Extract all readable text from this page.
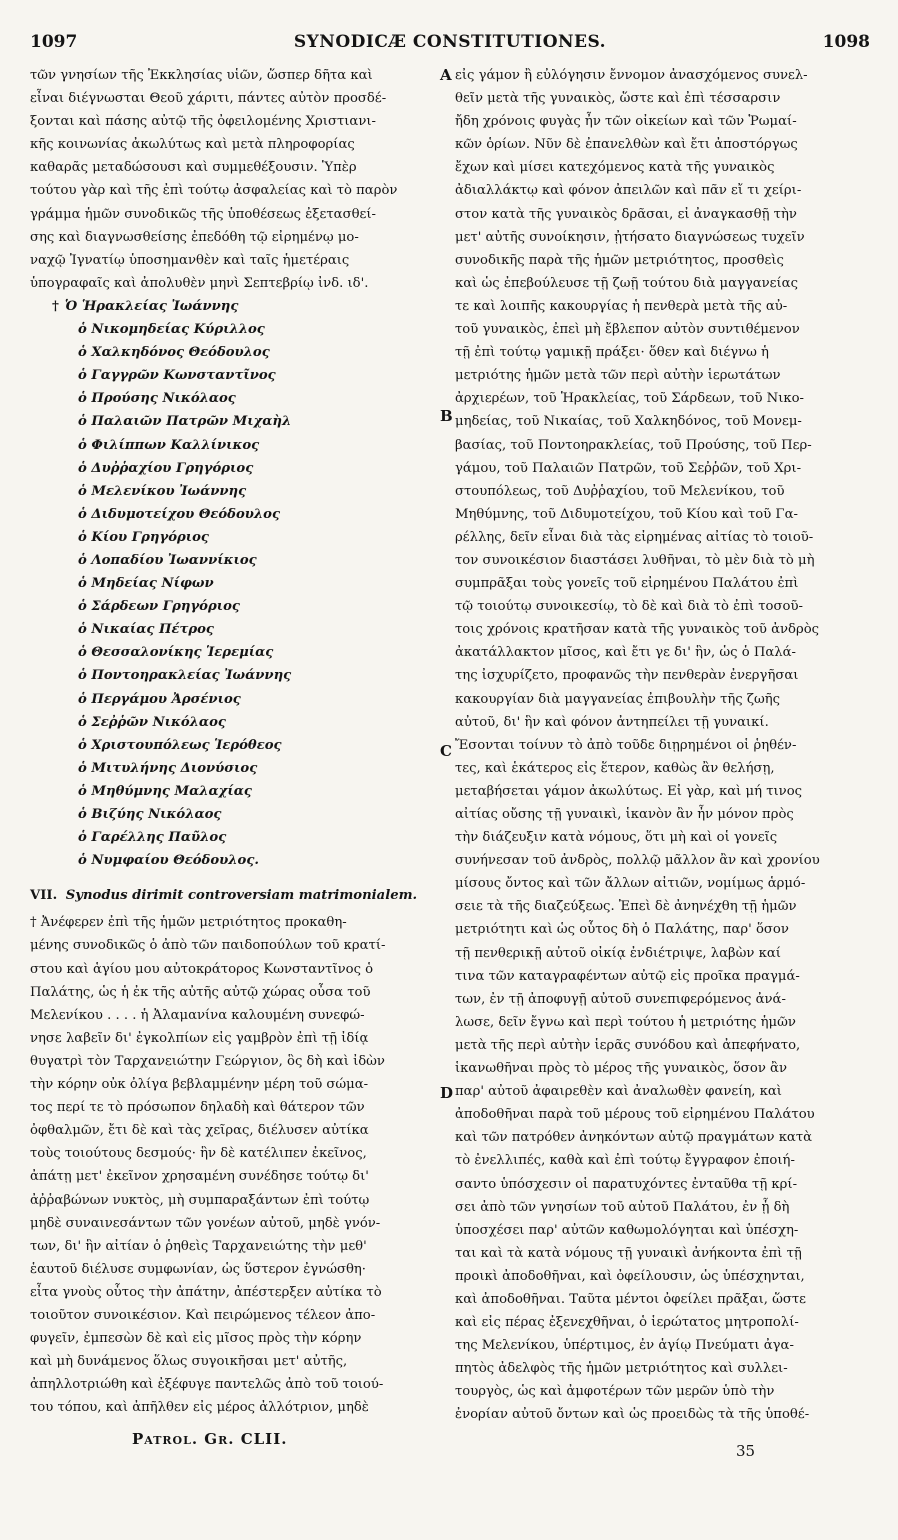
1097	SYNODICÆ CONSTITUTIONES.	1098

τῶν γνησίων τῆς Ἐκκλησίας υἱῶν, ὥσπερ δῆτα καὶ

εἶναι διέγνωσται Θεοῦ χάριτι, πάντες αὐτὸν προσδέ-

ξονται καὶ πάσης αὐτῷ τῆς ὀφειλομένης Χριστιανι-

κῆς κοινωνίας ἀκωλύτως καὶ μετὰ πληροφορίας

καθαρᾶς μεταδώσουσι καὶ συμμεθέξουσιν. Ὑπὲρ

τούτου γὰρ καὶ τῆς ἐπὶ τούτῳ ἀσφαλείας καὶ τὸ παρὸν

γράμμα ἡμῶν συνοδικῶς τῆς ὑποθέσεως ἐξετασθεί-

σης καὶ διαγνωσθείσης ἐπεδόθη τῷ εἰρημένῳ μο-

ναχῷ Ἰγνατίῳ ὑποσημανθὲν καὶ ταῖς ἡμετέραις

ὑπογραφαῖς καὶ ἀπολυθὲν μηνὶ Σεπτεβρίῳ ἰνδ. ιδ'.

† Ὁ Ἡρακλείας Ἰωάννης
ὁ Νικομηδείας Κύριλλος
ὁ Χαλκηδόνος Θεόδουλος
ὁ Γαγγρῶν Κωνσταντῖνος
ὁ Προύσης Νικόλαος
ὁ Παλαιῶν Πατρῶν Μιχαὴλ
ὁ Φιλίππων Καλλίνικος
ὁ Δυῤῥαχίου Γρηγόριος
ὁ Μελενίκου Ἰωάννης
ὁ Διδυμοτείχου Θεόδουλος
ὁ Κίου Γρηγόριος
ὁ Λοπαδίου Ἰωαννίκιος
ὁ Μηδείας Νίφων
ὁ Σάρδεων Γρηγόριος
ὁ Νικαίας Πέτρος
ὁ Θεσσαλονίκης Ἱερεμίας
ὁ Ποντοηρακλείας Ἰωάννης
ὁ Περγάμου Ἀρσένιος
ὁ Σεῤῥῶν Νικόλαος
ὁ Χριστουπόλεως Ἱερόθεος
ὁ Μιτυλήνης Διονύσιος
ὁ Μηθύμνης Μαλαχίας
ὁ Βιζύης Νικόλαος
ὁ Γαρέλλης Παῦλος
ὁ Νυμφαίου Θεόδουλος.

VII. Synodus dirimit controversiam matrimonialem.

† Ἀνέφερεν ἐπὶ τῆς ἡμῶν μετριότητος προκαθη-

μένης συνοδικῶς ὁ ἀπὸ τῶν παιδοπούλων τοῦ κρατί-

στου καὶ ἁγίου μου αὐτοκράτορος Κωνσταντῖνος ὁ

Παλάτης, ὡς ἡ ἐκ τῆς αὐτῆς αὐτῷ χώρας οὖσα τοῦ

Μελενίκου . . . . ἡ Ἀλαμανίνα καλουμένη συνεφώ-

νησε λαβεῖν δι' ἐγκολπίων εἰς γαμβρὸν ἐπὶ τῇ ἰδίᾳ

θυγατρὶ τὸν Ταρχανειώτην Γεώργιον, ὃς δὴ καὶ ἰδὼν

τὴν κόρην οὐκ ὀλίγα βεβλαμμένην μέρη τοῦ σώμα-

τος περί τε τὸ πρόσωπον δηλαδὴ καὶ θάτερον τῶν

ὀφθαλμῶν, ἔτι δὲ καὶ τὰς χεῖρας, διέλυσεν αὐτίκα

τοὺς τοιούτους δεσμούς· ἣν δὲ κατέλιπεν ἐκεῖνος,

ἀπάτῃ μετ' ἐκεῖνον χρησαμένη συνέδησε τούτῳ δι'

ἀῤῥαβώνων νυκτὸς, μὴ συμπαραξάντων ἐπὶ τούτῳ

μηδὲ συναινεσάντων τῶν γονέων αὐτοῦ, μηδὲ γνόν-

των, δι' ἣν αἰτίαν ὁ ῥηθεὶς Ταρχανειώτης τὴν μεθ'

ἑαυτοῦ διέλυσε συμφωνίαν, ὡς ὕστερον ἐγνώσθη·

εἶτα γνοὺς οὗτος τὴν ἀπάτην, ἀπέστερξεν αὐτίκα τὸ

τοιοῦτον συνοικέσιον. Καὶ πειρώμενος τέλεον ἀπο-

φυγεῖν, ἐμπεσὼν δὲ καὶ εἰς μῖσος πρὸς τὴν κόρην

καὶ μὴ δυνάμενος ὅλως συγοικῆσαι μετ' αὐτῆς,

ἀπηλλοτριώθη καὶ ἐξέφυγε παντελῶς ἀπὸ τοῦ τοιού-

του τόπου, καὶ ἀπῆλθεν εἰς μέρος ἀλλότριον, μηδὲ

A
B
C
D

εἰς γάμον ἢ εὐλόγησιν ἔννομον ἀνασχόμενος συνελ-

θεῖν μετὰ τῆς γυναικὸς, ὥστε καὶ ἐπὶ τέσσαρσιν

ἤδη χρόνοις φυγὰς ἦν τῶν οἰκείων καὶ τῶν Ῥωμαί-

κῶν ὁρίων. Νῦν δὲ ἐπανελθὼν καὶ ἔτι ἀποστόργως

ἔχων καὶ μίσει κατεχόμενος κατὰ τῆς γυναικὸς

ἀδιαλλάκτῳ καὶ φόνον ἀπειλῶν καὶ πᾶν εἴ τι χείρι-

στον κατὰ τῆς γυναικὸς δρᾶσαι, εἰ ἀναγκασθῇ τὴν

μετ' αὐτῆς συνοίκησιν, ᾐτήσατο διαγνώσεως τυχεῖν

συνοδικῆς παρὰ τῆς ἡμῶν μετριότητος, προσθεὶς

καὶ ὡς ἐπεβούλευσε τῇ ζωῇ τούτου διὰ μαγγανείας

τε καὶ λοιπῆς κακουργίας ἡ πενθερὰ μετὰ τῆς αὐ-

τοῦ γυναικὸς, ἐπεὶ μὴ ἔβλεπον αὐτὸν συντιθέμενον

τῇ ἐπὶ τούτῳ γαμικῇ πράξει· ὅθεν καὶ διέγνω ἡ

μετριότης ἡμῶν μετὰ τῶν περὶ αὐτὴν ἱερωτάτων

ἀρχιερέων, τοῦ Ἡρακλείας, τοῦ Σάρδεων, τοῦ Νικο-

μηδείας, τοῦ Νικαίας, τοῦ Χαλκηδόνος, τοῦ Μονεμ-

βασίας, τοῦ Ποντοηρακλείας, τοῦ Προύσης, τοῦ Περ-

γάμου, τοῦ Παλαιῶν Πατρῶν, τοῦ Σεῤῥῶν, τοῦ Χρι-

στουπόλεως, τοῦ Δυῤῥαχίου, τοῦ Μελενίκου, τοῦ

Μηθύμνης, τοῦ Διδυμοτείχου, τοῦ Κίου καὶ τοῦ Γα-

ρέλλης, δεῖν εἶναι διὰ τὰς εἰρημένας αἰτίας τὸ τοιοῦ-

τον συνοικέσιον διαστάσει λυθῆναι, τὸ μὲν διὰ τὸ μὴ

συμπρᾶξαι τοὺς γονεῖς τοῦ εἰρημένου Παλάτου ἐπὶ

τῷ τοιούτῳ συνοικεσίῳ, τὸ δὲ καὶ διὰ τὸ ἐπὶ τοσοῦ-

τοις χρόνοις κρατῆσαν κατὰ τῆς γυναικὸς τοῦ ἀνδρὸς

ἀκατάλλακτον μῖσος, καὶ ἔτι γε δι' ἣν, ὡς ὁ Παλά-

της ἰσχυρίζετο, προφανῶς τὴν πενθερὰν ἐνεργῆσαι

κακουργίαν διὰ μαγγανείας ἐπιβουλὴν τῆς ζωῆς

αὐτοῦ, δι' ἣν καὶ φόνον ἀντηπείλει τῇ γυναικί.

Ἔσονται τοίνυν τὸ ἀπὸ τοῦδε διῃρημένοι οἱ ῥηθέν-

τες, καὶ ἑκάτερος εἰς ἕτερον, καθὼς ἂν θελήσῃ,

μεταβήσεται γάμον ἀκωλύτως. Εἰ γὰρ, καὶ μή τινος

αἰτίας οὔσης τῇ γυναικὶ, ἱκανὸν ἂν ἦν μόνον πρὸς

τὴν διάζευξιν κατὰ νόμους, ὅτι μὴ καὶ οἱ γονεῖς

συνήνεσαν τοῦ ἀνδρὸς, πολλῷ μᾶλλον ἂν καὶ χρονίου

μίσους ὄντος καὶ τῶν ἄλλων αἰτιῶν, νομίμως ἁρμό-

σειε τὰ τῆς διαζεύξεως. Ἐπεὶ δὲ ἀνηνέχθη τῇ ἡμῶν

μετριότητι καὶ ὡς οὗτος δὴ ὁ Παλάτης, παρ' ὅσον

τῇ πενθερικῇ αὐτοῦ οἰκίᾳ ἐνδιέτριψε, λαβὼν καί

τινα τῶν καταγραφέντων αὐτῷ εἰς προῖκα πραγμά-

των, ἐν τῇ ἀποφυγῇ αὐτοῦ συνεπιφερόμενος ἀνά-

λωσε, δεῖν ἔγνω καὶ περὶ τούτου ἡ μετριότης ἡμῶν

μετὰ τῆς περὶ αὐτὴν ἱερᾶς συνόδου καὶ ἀπεφήνατο,

ἱκανωθῆναι πρὸς τὸ μέρος τῆς γυναικὸς, ὅσον ἂν

παρ' αὐτοῦ ἀφαιρεθὲν καὶ ἀναλωθὲν φανείη, καὶ

ἀποδοθῆναι παρὰ τοῦ μέρους τοῦ εἰρημένου Παλάτου

καὶ τῶν πατρόθεν ἀνηκόντων αὐτῷ πραγμάτων κατὰ

τὸ ἐνελλιπές, καθὰ καὶ ἐπὶ τούτῳ ἔγγραφον ἐποιή-

σαντο ὑπόσχεσιν οἱ παρατυχόντες ἐνταῦθα τῇ κρί-

σει ἀπὸ τῶν γνησίων τοῦ αὐτοῦ Παλάτου, ἐν ᾗ δὴ

ὑποσχέσει παρ' αὐτῶν καθωμολόγηται καὶ ὑπέσχη-

ται καὶ τὰ κατὰ νόμους τῇ γυναικὶ ἀνήκοντα ἐπὶ τῇ

προικὶ ἀποδοθῆναι, καὶ ὀφείλουσιν, ὡς ὑπέσχηνται,

καὶ ἀποδοθῆναι. Ταῦτα μέντοι ὀφείλει πρᾶξαι, ὥστε

καὶ εἰς πέρας ἐξενεχθῆναι, ὁ ἱερώτατος μητροπολί-

της Μελενίκου, ὑπέρτιμος, ἐν ἁγίῳ Πνεύματι ἀγα-

πητὸς ἀδελφὸς τῆς ἡμῶν μετριότητος καὶ συλλει-

τουργὸς, ὡς καὶ ἀμφοτέρων τῶν μερῶν ὑπὸ τὴν

ἐνορίαν αὐτοῦ ὄντων καὶ ὡς προειδὼς τὰ τῆς ὑποθέ-

Patrol. Gr. CLII.
35
